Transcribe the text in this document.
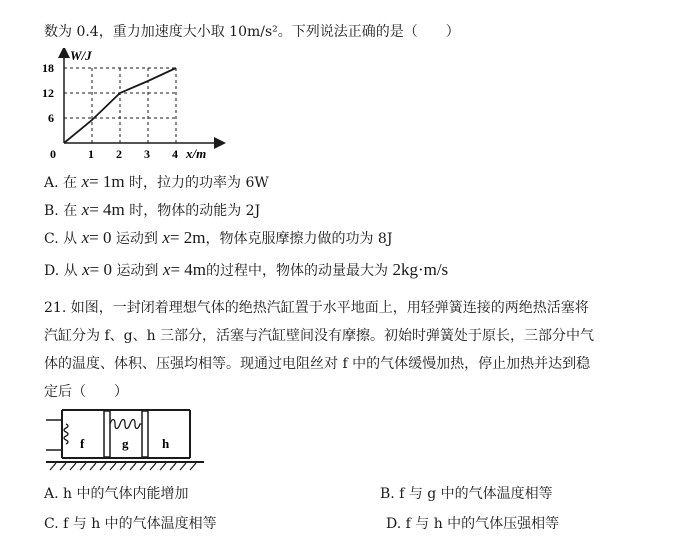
数为 0.4，重力加速度大小取 10m/s²。下列说法正确的是（　　）
W/J
x/m
18
12
6
0	1 2 3 4
A. 在 x= 1m 时，拉力的功率为 6W
B. 在 x= 4m 时，物体的动能为 2J
C. 从 x= 0 运动到 x= 2m，物体克服摩擦力做的功为 8J
D. 从 x= 0 运动到 x= 4m的过程中，物体的动量最大为 2kg·m/s
21. 如图，一封闭着理想气体的绝热汽缸置于水平地面上，用轻弹簧连接的两绝热活塞将
汽缸分为 f、g、h 三部分，活塞与汽缸壁间没有摩擦。初始时弹簧处于原长，三部分中气
体的温度、体积、压强均相等。现通过电阻丝对 f 中的气体缓慢加热，停止加热并达到稳
定后（　　）
f	g	h
A. h 中的气体内能增加	B. f 与 g 中的气体温度相等
C. f 与 h 中的气体温度相等	D. f 与 h 中的气体压强相等
